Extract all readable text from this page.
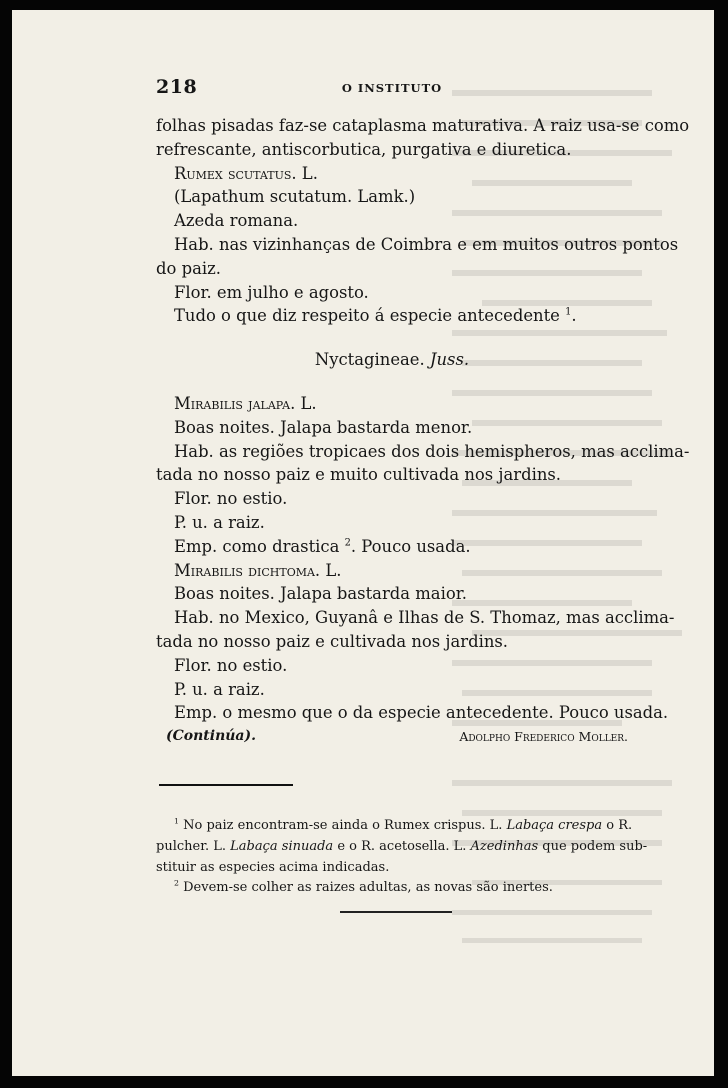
218	O INSTITUTO
folhas pisadas faz-se cataplasma maturativa. A raiz usa-se como
refrescante, antiscorbutica, purgativa e diuretica.
Rumex scutatus. L.
(Lapathum scutatum. Lamk.)
Azeda romana.
Hab. nas vizinhanças de Coimbra e em muitos outros pontos
do paiz.
Flor. em julho e agosto.
Tudo o que diz respeito á especie antecedente $^1$.
Nyctagineae. Juss.
Mirabilis jalapa. L.
Boas noites. Jalapa bastarda menor.
Hab. as regiões tropicaes dos dois hemispheros, mas acclima-
tada no nosso paiz e muito cultivada nos jardins.
Flor. no estio.
P. u. a raiz.
Emp. como drastica $^2$. Pouco usada.
Mirabilis dichtoma. L.
Boas noites. Jalapa bastarda maior.
Hab. no Mexico, Guyanâ e Ilhas de S. Thomaz, mas acclima-
tada no nosso paiz e cultivada nos jardins.
Flor. no estio.
P. u. a raiz.
Emp. o mesmo que o da especie antecedente. Pouco usada.
(Continúa).	Adolpho Frederico Moller.
$^1$ No paiz encontram-se ainda o Rumex crispus. L. Labaça crespa o R.
pulcher. L. Labaça sinuada e o R. acetosella. L. Azedinhas que podem sub-
stituir as especies acima indicadas.
$^2$ Devem-se colher as raizes adultas, as novas são inertes.
